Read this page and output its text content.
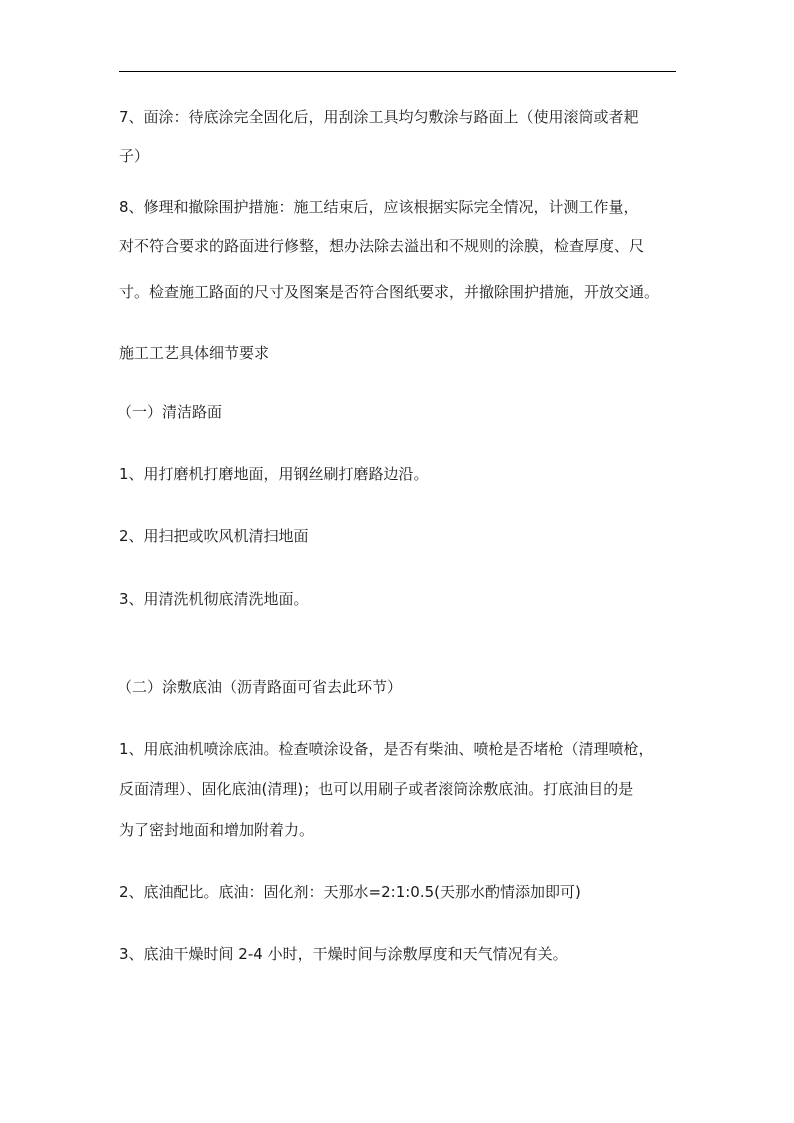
7、面涂：待底涂完全固化后，用刮涂工具均匀敷涂与路面上（使用滚筒或者耙
子）
8、修理和撤除围护措施：施工结束后，应该根据实际完全情况，计测工作量，
对不符合要求的路面进行修整，想办法除去溢出和不规则的涂膜，检查厚度、尺
寸。检查施工路面的尺寸及图案是否符合图纸要求，并撤除围护措施，开放交通。
施工工艺具体细节要求
（一）清洁路面
1、用打磨机打磨地面，用钢丝刷打磨路边沿。
2、用扫把或吹风机清扫地面
3、用清洗机彻底清洗地面。
（二）涂敷底油（沥青路面可省去此环节）
1、用底油机喷涂底油。检查喷涂设备，是否有柴油、喷枪是否堵枪（清理喷枪，
反面清理）、固化底油(清理)；也可以用刷子或者滚筒涂敷底油。打底油目的是
为了密封地面和增加附着力。
2、底油配比。底油：固化剂：天那水=2:1:0.5(天那水酌情添加即可)
3、底油干燥时间 2-4 小时，干燥时间与涂敷厚度和天气情况有关。
